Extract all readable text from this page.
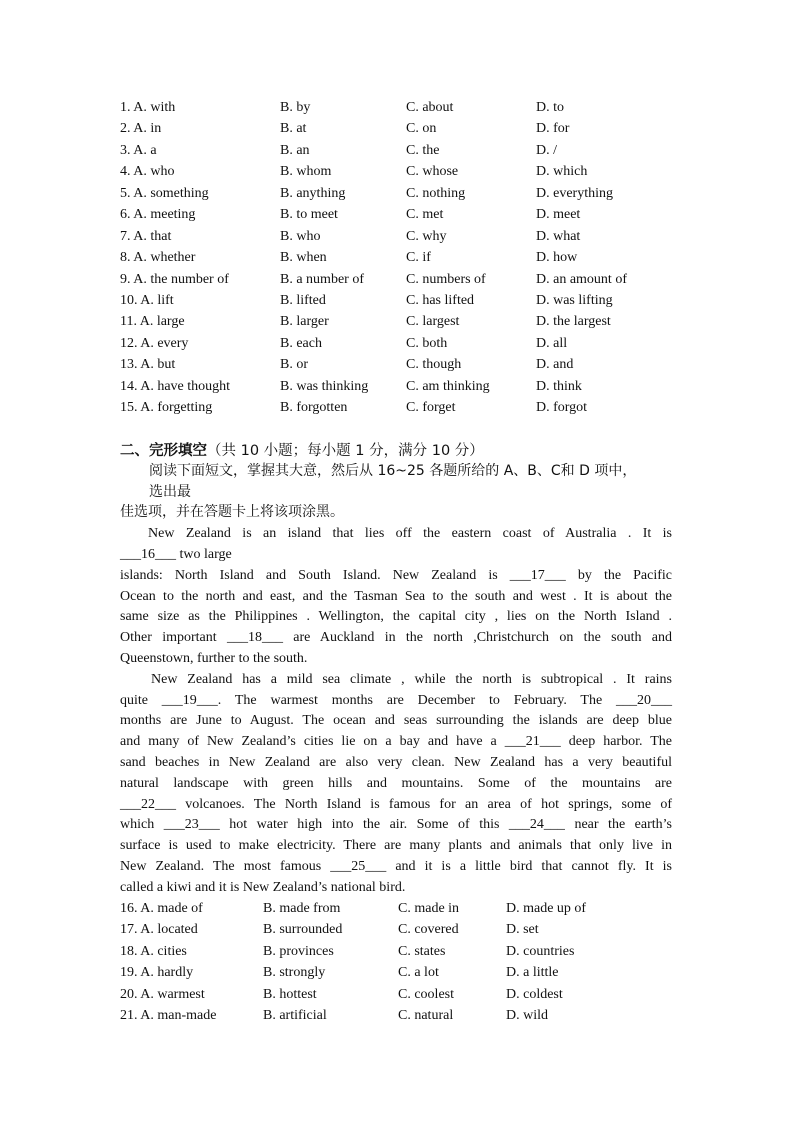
1. A. with	B. by	C. about	D. to
2. A. in	B. at	C. on	D. for
3. A. a	B. an	C. the	D. /
4. A. who	B. whom	C. whose	D. which
5. A. something	B. anything	C. nothing	D. everything
6. A. meeting	B. to meet	C. met	D. meet
7. A. that	B. who	C. why	D. what
8. A. whether	B. when	C. if	D. how
9. A. the number of	B. a number of	C. numbers of	D. an amount of
10. A. lift	B. lifted	C. has lifted	D. was lifting
11. A. large	B. larger	C. largest	D. the largest
12. A. every	B. each	C. both	D. all
13. A. but	B. or	C. though	D. and
14. A. have thought	B. was thinking	C. am thinking	D. think
15. A. forgetting	B. forgotten	C. forget	D. forgot
二、完形填空（共 10 小题；每小题 1 分，满分 10 分）
阅读下面短文，掌握其大意，然后从 16~25 各题所给的 A、B、C和 D 项中，
选出最
佳选项，并在答题卡上将该项涂黑。
New Zealand is an island that lies off the eastern coast of Australia . It is
___16___ two large
islands: North Island and South Island. New Zealand is ___17___ by the Pacific
Ocean to the north and east, and the Tasman Sea to the south and west . It is about the
same size as the Philippines . Wellington, the capital city , lies on the North Island .
Other important ___18___ are Auckland in the north ,Christchurch on the south and
Queenstown, further to the south.
New Zealand has a mild sea climate , while the north is subtropical . It rains
quite ___19___. The warmest months are December to February. The ___20___
months are June to August. The ocean and seas surrounding the islands are deep blue
and many of New Zealand’s cities lie on a bay and have a ___21___ deep harbor. The
sand beaches in New Zealand are also very clean. New Zealand has a very beautiful
natural landscape with green hills and mountains. Some of the mountains are
___22___ volcanoes. The North Island is famous for an area of hot springs, some of
which ___23___ hot water high into the air. Some of this ___24___ near the earth’s
surface is used to make electricity. There are many plants and animals that only live in
New Zealand. The most famous ___25___ and it is a little bird that cannot fly. It is
called a kiwi and it is New Zealand’s national bird.
16. A. made of	B. made from	C. made in	D. made up of
17. A. located	B. surrounded	C. covered	D. set
18. A. cities	B. provinces	C. states	D. countries
19. A. hardly	B. strongly	C. a lot	D. a little
20. A. warmest	B. hottest	C. coolest	D. coldest
21. A. man-made	B. artificial	C. natural	D. wild
